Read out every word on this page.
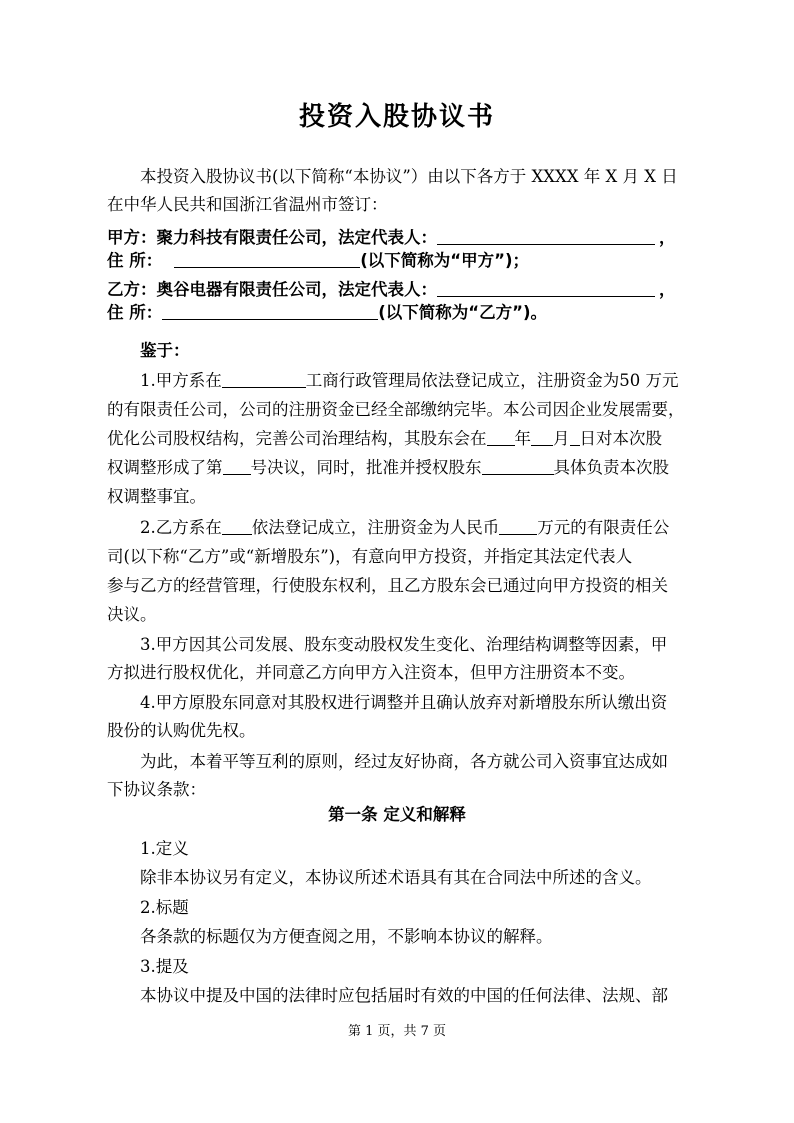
投资入股协议书
本投资入股协议书(以下简称“本协议”）由以下各方于 XXXX 年 X 月 X 日
在中华人民共和国浙江省温州市签订：
甲方：聚力科技有限责任公司，法定代表人：	，
住 所：	(以下简称为“甲方”)；
乙方：奥谷电器有限责任公司，法定代表人：	，
住 所：	(以下简称为“乙方”)。
鉴于：
1.甲方系在	工商行政管理局依法登记成立，注册资金为50 万元
的有限责任公司，公司的注册资金已经全部缴纳完毕。本公司因企业发展需要，
优化公司股权结构，完善公司治理结构，其股东会在 年 月 日对本次股
权调整形成了第 号决议，同时，批准并授权股东	具体负责本次股
权调整事宜。
2.乙方系在 依法登记成立，注册资金为人民币 万元的有限责任公
司(以下称“乙方”或“新增股东”)，有意向甲方投资，并指定其法定代表人
参与乙方的经营管理，行使股东权利，且乙方股东会已通过向甲方投资的相关
决议。
3.甲方因其公司发展、股东变动股权发生变化、治理结构调整等因素，甲
方拟进行股权优化，并同意乙方向甲方入注资本，但甲方注册资本不变。
4.甲方原股东同意对其股权进行调整并且确认放弃对新增股东所认缴出资
股份的认购优先权。
为此，本着平等互利的原则，经过友好协商，各方就公司入资事宜达成如
下协议条款：
第一条 定义和解释
1.定义
除非本协议另有定义，本协议所述术语具有其在合同法中所述的含义。
2.标题
各条款的标题仅为方便查阅之用，不影响本协议的解释。
3.提及
本协议中提及中国的法律时应包括届时有效的中国的任何法律、法规、部
第 1 页，共 7 页
